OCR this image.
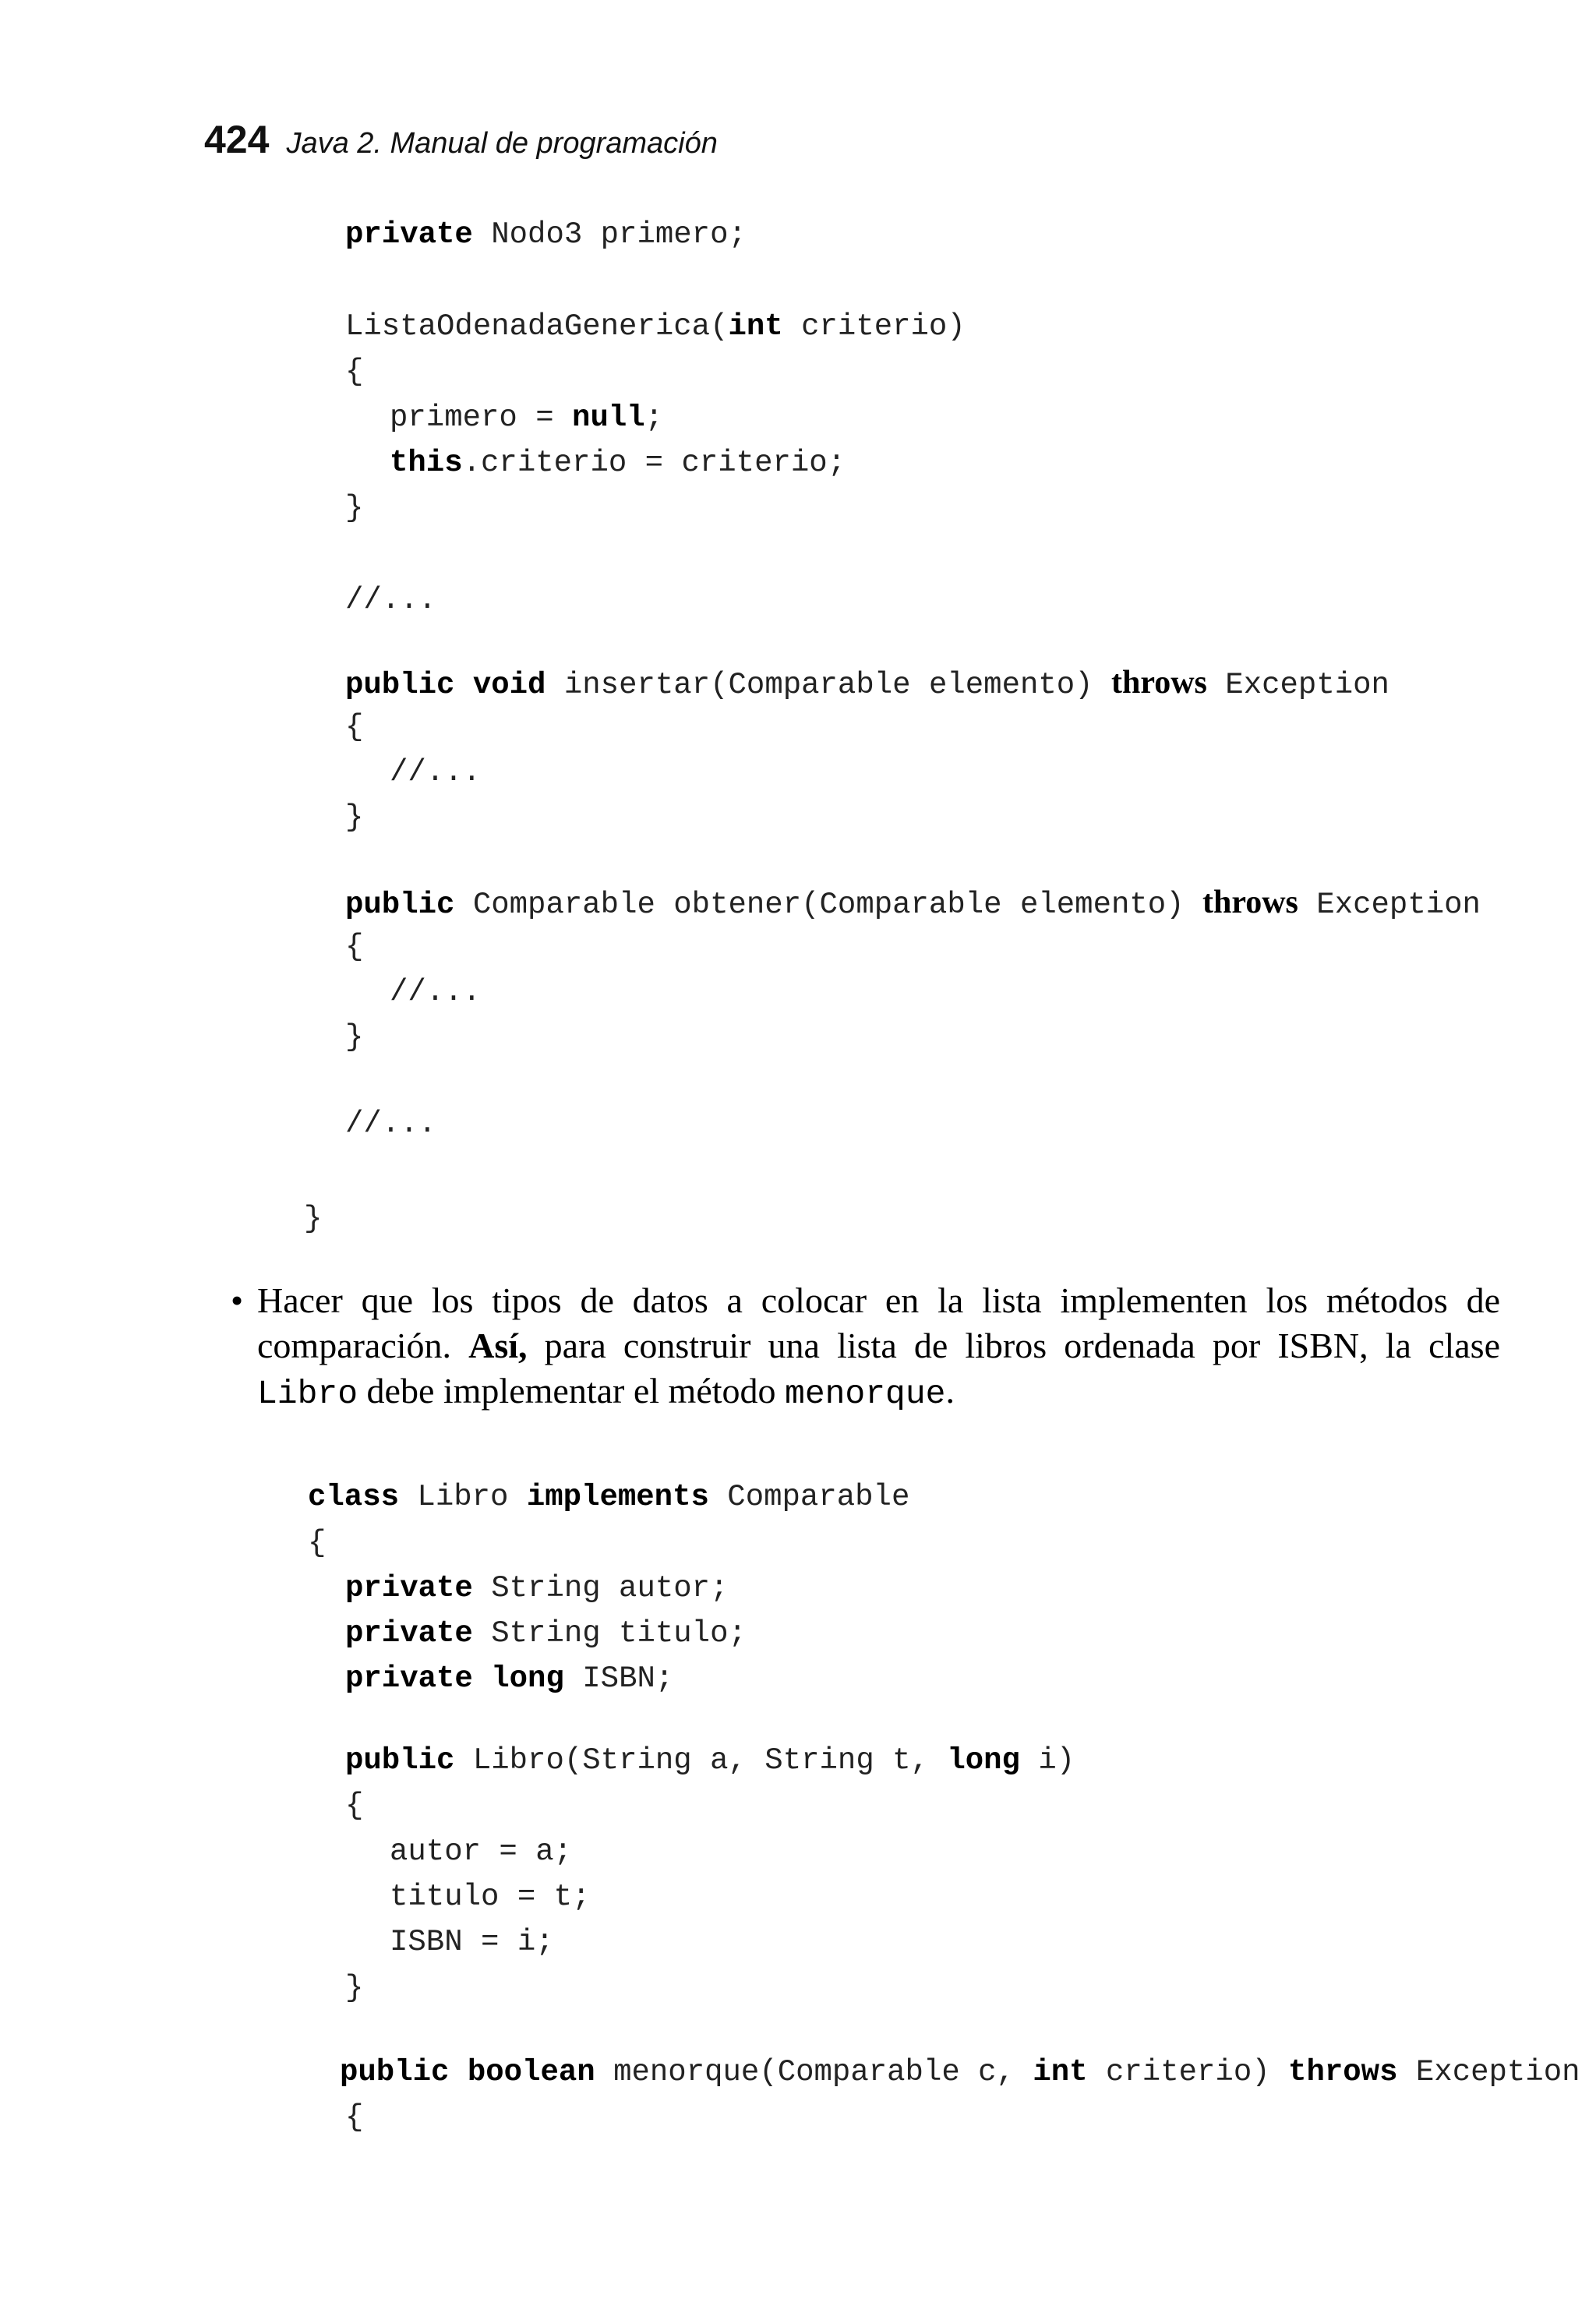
424 Java 2. Manual de programación
private Nodo3 primero;
ListaOdenadaGenerica(int criterio)
{
primero = null;
this.criterio = criterio;
}
//...
public void insertar(Comparable elemento) throws Exception
{
//...
}
public Comparable obtener(Comparable elemento) throws Exception
{
//...
}
//...
}
• Hacer que los tipos de datos a colocar en la lista implementen los métodos de comparación. Así, para construir una lista de libros ordenada por ISBN, la clase Libro debe implementar el método menorque.
class Libro implements Comparable
{
private String autor;
private String titulo;
private long ISBN;
public Libro(String a, String t, long i)
{
autor = a;
titulo = t;
ISBN = i;
}
public boolean menorque(Comparable c, int criterio) throws Exception
{
